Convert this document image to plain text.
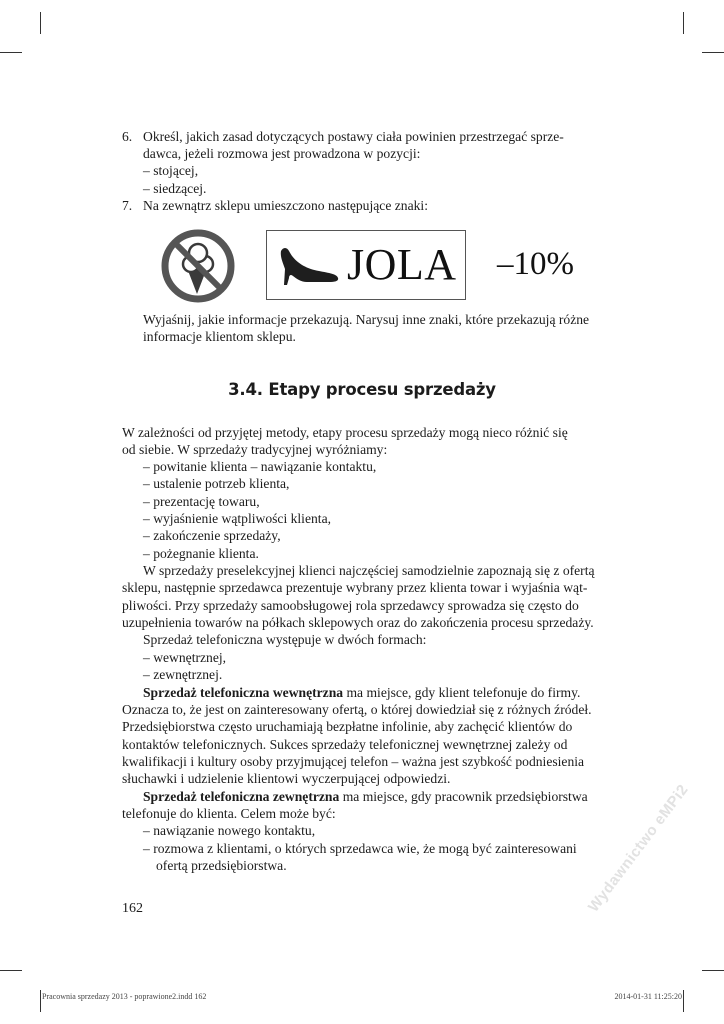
6. Określ, jakich zasad dotyczących postawy ciała powinien przestrzegać sprze-
dawca, jeżeli rozmowa jest prowadzona w pozycji:
– stojącej,
– siedzącej.
7. Na zewnątrz sklepu umieszczono następujące znaki:
JOLA –10%
Wyjaśnij, jakie informacje przekazują. Narysuj inne znaki, które przekazują różne
informacje klientom sklepu.
3.4. Etapy procesu sprzedaży
W zależności od przyjętej metody, etapy procesu sprzedaży mogą nieco różnić się
od siebie. W sprzedaży tradycyjnej wyróżniamy:
– powitanie klienta – nawiązanie kontaktu,
– ustalenie potrzeb klienta,
– prezentację towaru,
– wyjaśnienie wątpliwości klienta,
– zakończenie sprzedaży,
– pożegnanie klienta.
W sprzedaży preselekcyjnej klienci najczęściej samodzielnie zapoznają się z ofertą
sklepu, następnie sprzedawca prezentuje wybrany przez klienta towar i wyjaśnia wąt-
pliwości. Przy sprzedaży samoobsługowej rola sprzedawcy sprowadza się często do
uzupełnienia towarów na półkach sklepowych oraz do zakończenia procesu sprzedaży.
Sprzedaż telefoniczna występuje w dwóch formach:
– wewnętrznej,
– zewnętrznej.
Sprzedaż telefoniczna wewnętrzna ma miejsce, gdy klient telefonuje do firmy.
Oznacza to, że jest on zainteresowany ofertą, o której dowiedział się z różnych źródeł.
Przedsiębiorstwa często uruchamiają bezpłatne infolinie, aby zachęcić klientów do
kontaktów telefonicznych. Sukces sprzedaży telefonicznej wewnętrznej zależy od
kwalifikacji i kultury osoby przyjmującej telefon – ważna jest szybkość podniesienia
słuchawki i udzielenie klientowi wyczerpującej odpowiedzi.
Sprzedaż telefoniczna zewnętrzna ma miejsce, gdy pracownik przedsiębiorstwa
telefonuje do klienta. Celem może być:
– nawiązanie nowego kontaktu,
– rozmowa z klientami, o których sprzedawca wie, że mogą być zainteresowani
ofertą przedsiębiorstwa.
162	Wydawnictwo eMPi2
Pracownia sprzedazy 2013 - poprawione2.indd 162	2014-01-31 11:25:20
